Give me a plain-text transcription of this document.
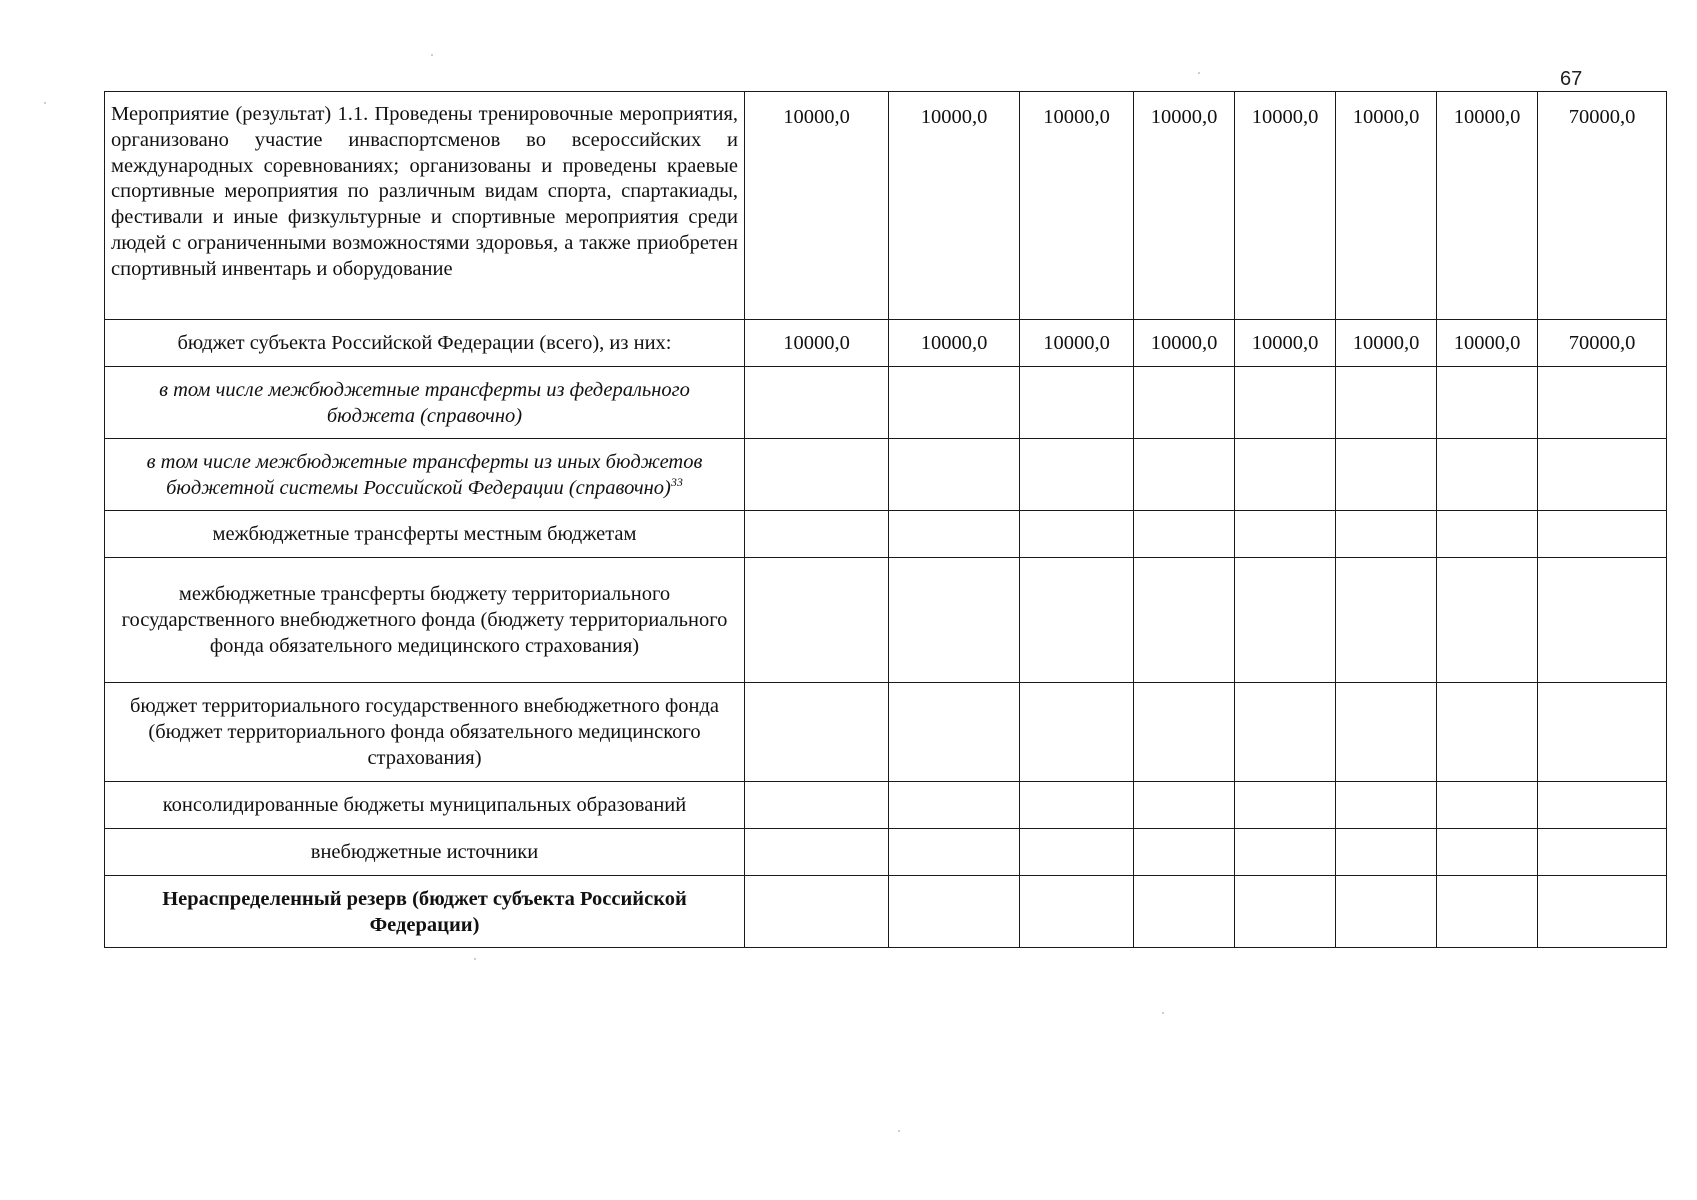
67
Мероприятие (результат) 1.1. Проведены тренировочные мероприятия, организовано участие инваспортсменов во всероссийских и международных соревнованиях; организованы и проведены краевые спортивные мероприятия по различным видам спорта, спартакиады, фестивали и иные физкультурные и спортивные мероприятия среди людей с ограниченными возможностями здоровья, а также приобретен спортивный инвентарь и оборудование	10000,0	10000,0	10000,0	10000,0	10000,0	10000,0	10000,0	70000,0
бюджет субъекта Российской Федерации (всего), из них:	10000,0	10000,0	10000,0	10000,0	10000,0	10000,0	10000,0	70000,0
в том числе межбюджетные трансферты из федерального бюджета (справочно)								
в том числе межбюджетные трансферты из иных бюджетов бюджетной системы Российской Федерации (справочно)$^{33}$								
межбюджетные трансферты местным бюджетам								
межбюджетные трансферты бюджету территориального государственного внебюджетного фонда (бюджету территориального фонда обязательного медицинского страхования)								
бюджет территориального государственного внебюджетного фонда (бюджет территориального фонда обязательного медицинского страхования)								
консолидированные бюджеты муниципальных образований								
внебюджетные источники								
Нераспределенный резерв (бюджет субъекта Российской Федерации)								
